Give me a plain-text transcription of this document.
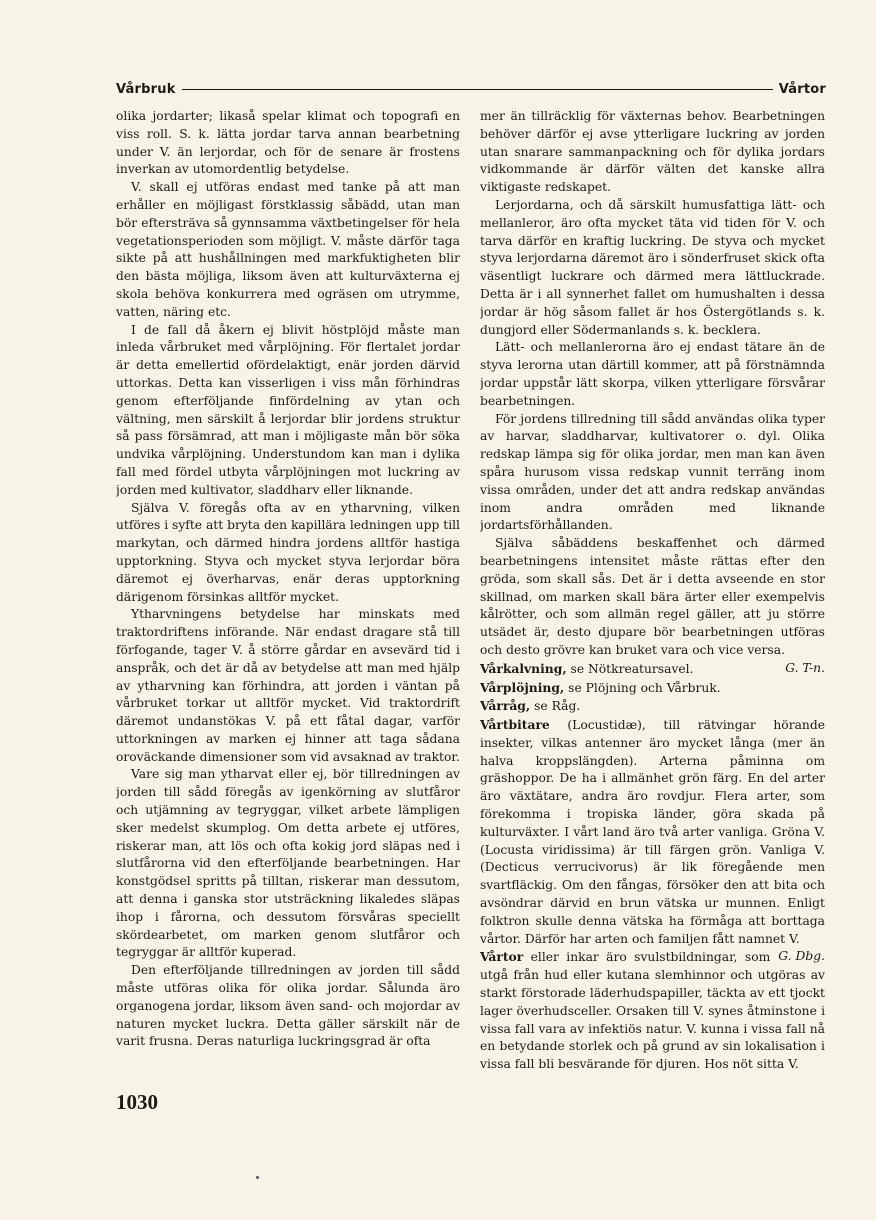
Vårbruk	Vårtor

olika jordarter; likaså spelar klimat och topografi en viss roll. S. k. lätta jordar tarva annan bearbetning under V. än lerjordar, och för de senare är frostens inverkan av utomordentlig betydelse.

V. skall ej utföras endast med tanke på att man erhåller en möjligast förstklassig såbädd, utan man bör eftersträva så gynnsamma växtbetingelser för hela vegetationsperioden som möjligt. V. måste därför taga sikte på att hushållningen med markfuktigheten blir den bästa möjliga, liksom även att kulturväxterna ej skola behöva konkurrera med ogräsen om utrymme, vatten, näring etc.

I de fall då åkern ej blivit höstplöjd måste man inleda vårbruket med vårplöjning. För flertalet jordar är detta emellertid ofördelaktigt, enär jorden därvid uttorkas. Detta kan visserligen i viss mån förhindras genom efterföljande finfördelning av ytan och vältning, men särskilt å lerjordar blir jordens struktur så pass försämrad, att man i möjligaste mån bör söka undvika vårplöjning. Understundom kan man i dylika fall med fördel utbyta vårplöjningen mot luckring av jorden med kultivator, sladdharv eller liknande.

Själva V. föregås ofta av en ytharvning, vilken utföres i syfte att bryta den kapillära ledningen upp till markytan, och därmed hindra jordens alltför hastiga upptorkning. Styva och mycket styva lerjordar böra däremot ej överharvas, enär deras upptorkning därigenom försinkas alltför mycket.

Ytharvningens betydelse har minskats med traktordriftens införande. När endast dragare stå till förfogande, tager V. å större gårdar en avsevärd tid i anspråk, och det är då av betydelse att man med hjälp av ytharvning kan förhindra, att jorden i väntan på vårbruket torkar ut alltför mycket. Vid traktordrift däremot undanstökas V. på ett fåtal dagar, varför uttorkningen av marken ej hinner att taga sådana oroväckande dimensioner som vid avsaknad av traktor.

Vare sig man ytharvat eller ej, bör tillredningen av jorden till sådd föregås av igenkörning av slutfåror och utjämning av tegryggar, vilket arbete lämpligen sker medelst skumplog. Om detta arbete ej utföres, riskerar man, att lös och ofta kokig jord släpas ned i slutfårorna vid den efterföljande bearbetningen. Har konstgödsel spritts på tilltan, riskerar man dessutom, att denna i ganska stor utsträckning likaledes släpas ihop i fårorna, och dessutom försvåras speciellt skördearbetet, om marken genom slutfåror och tegryggar är alltför kuperad.

Den efterföljande tillredningen av jorden till sådd måste utföras olika för olika jordar. Sålunda äro organogena jordar, liksom även sand- och mojordar av naturen mycket luckra. Detta gäller särskilt när de varit frusna. Deras naturliga luckringsgrad är ofta

mer än tillräcklig för växternas behov. Bearbetningen behöver därför ej avse ytterligare luckring av jorden utan snarare sammanpackning och för dylika jordars vidkommande är därför välten det kanske allra viktigaste redskapet.

Lerjordarna, och då särskilt humusfattiga lätt- och mellanleror, äro ofta mycket täta vid tiden för V. och tarva därför en kraftig luckring. De styva och mycket styva lerjordarna däremot äro i sönderfruset skick ofta väsentligt luckrare och därmed mera lättluckrade. Detta är i all synnerhet fallet om humushalten i dessa jordar är hög såsom fallet är hos Östergötlands s. k. dungjord eller Södermanlands s. k. becklera.

Lätt- och mellanlerorna äro ej endast tätare än de styva lerorna utan därtill kommer, att på förstnämnda jordar uppstår lätt skorpa, vilken ytterligare försvårar bearbetningen.

För jordens tillredning till sådd användas olika typer av harvar, sladdharvar, kultivatorer o. dyl. Olika redskap lämpa sig för olika jordar, men man kan även spåra hurusom vissa redskap vunnit terräng inom vissa områden, under det att andra redskap användas inom andra områden med liknande jordartsförhållanden.

Själva såbäddens beskaffenhet och därmed bearbetningens intensitet måste rättas efter den gröda, som skall sås. Det är i detta avseende en stor skillnad, om marken skall bära ärter eller exempelvis kålrötter, och som allmän regel gäller, att ju större utsädet är, desto djupare bör bearbetningen utföras och desto grövre kan bruket vara och vice versa.
G. T-n.

Vårkalvning, se Nötkreatursavel.

Vårplöjning, se Plöjning och Vårbruk.

Vårråg, se Råg.

Vårtbitare (Locustidæ), till rätvingar hörande insekter, vilkas antenner äro mycket långa (mer än halva kroppslängden). Arterna påminna om gräshoppor. De ha i allmänhet grön färg. En del arter äro växtätare, andra äro rovdjur. Flera arter, som förekomma i tropiska länder, göra skada på kulturväxter. I vårt land äro två arter vanliga. Gröna V. (Locusta viridissima) är till färgen grön. Vanliga V. (Decticus verrucivorus) är lik föregående men svartfläckig. Om den fångas, försöker den att bita och avsöndrar därvid en brun vätska ur munnen. Enligt folktron skulle denna vätska ha förmåga att borttaga vårtor. Därför har arten och familjen fått namnet V.
G. Dbg.

Vårtor eller inkar äro svulstbildningar, som utgå från hud eller kutana slemhinnor och utgöras av starkt förstorade läderhudspapiller, täckta av ett tjockt lager överhudsceller. Orsaken till V. synes åtminstone i vissa fall vara av infektiös natur. V. kunna i vissa fall nå en betydande storlek och på grund av sin lokalisation i vissa fall bli besvärande för djuren. Hos nöt sitta V.

1030
